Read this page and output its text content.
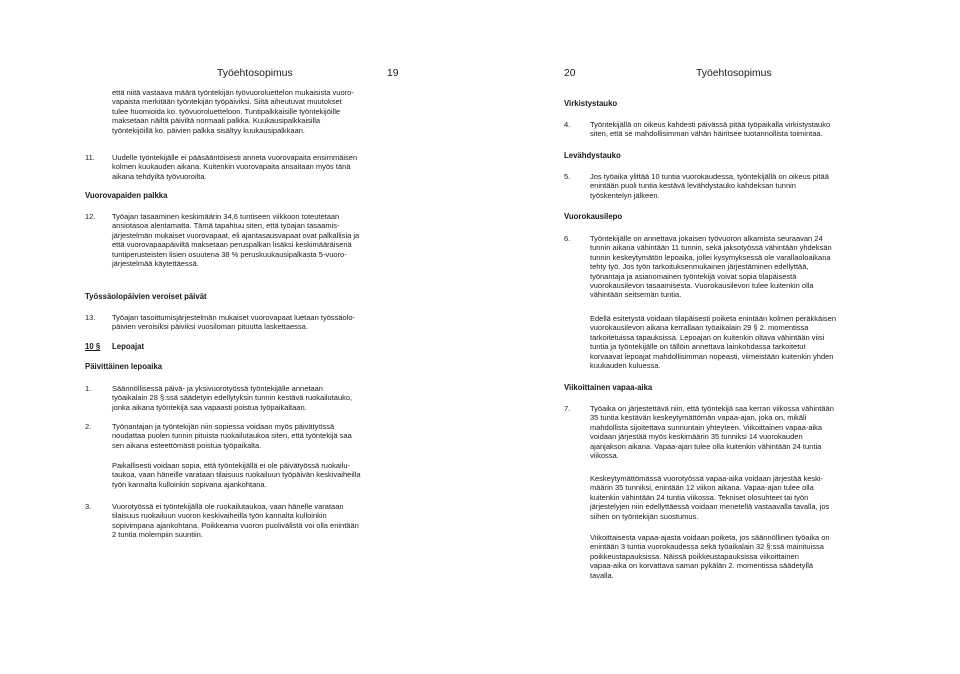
Työehtosopimus	19
että niitä vastaava määrä työntekijän työvuoroluettelon mukaisista vuoro-
vapaista merkitään työntekijän työpäiviksi. Siitä aiheutuvat muutokset
tulee huomioida ko. työvuoroluetteloon. Tuntipalkkaisille työntekijöille
maksetaan näiltä päiviltä normaali palkka. Kuukausipalkkaisilla
työntekijöillä ko. päivien palkka sisältyy kuukausipalkkaan.
11. Uudelle työntekijälle ei pääsääntöisesti anneta vuorovapaita ensimmäisen
kolmen kuukauden aikana. Kuitenkin vuorovapaita ansaitaan myös tänä
aikana tehdyiltä työvuoroilta.
Vuorovapaiden palkka
12. Työajan tasaaminen keskimäärin 34,6 tuntiseen viikkoon toteutetaan
ansiotasoa alentamatta. Tämä tapahtuu siten, että työajan tasaamis-
järjestelmän mukaiset vuorovapaat, eli ajantasausvapaat ovat palkallisia ja
että vuorovapaapäiviltä maksetaan peruspalkan lisäksi keskimääräisenä
tuntiperusteisten lisien osuutena 38 % peruskuukausipalkasta 5-vuoro-
järjestelmää käytettäessä.
Työssäolopäivien veroiset päivät
13. Työajan tasoittumisjärjestelmän mukaiset vuorovapaat luetaan työssäolo-
päivien veroisiksi päiviksi vuosiloman pituutta laskettaessa.
10 § Lepoajat
Päivittäinen lepoaika
1.	Säännöllisessä päivä- ja yksivuorotyössä työntekijälle annetaan
työaikalain 28 §:ssä säädetyin edellytyksin tunnin kestävä ruokailutauko,
jonka aikana työntekijä saa vapaasti poistua työpaikaltaan.
2.	Työnantajan ja työntekijän niin sopiessa voidaan myös päivätyössä
noudattaa puolen tunnin pituista ruokailutaukoa siten, että työntekijä saa
sen aikana esteettömästi poistua työpaikalta.
Paikallisesti voidaan sopia, että työntekijällä ei ole päivätyössä ruokailu-
taukoa, vaan häneille varataan tilaisuus ruokailuun työpäivän keskivaiheilla
työn kannalta kulloinkin sopivana ajankohtana.
3.	Vuorotyössä ei työntekijällä ole ruokailutaukoa, vaan hänelle varataan
tilaisuus ruokailuun vuoron keskivaiheilla työn kannalta kulloinkin
sopivimpana ajankohtana. Poikkeama vuoron puolivälistä voi olla enintään
2 tuntia molempiin suuntiin.
20	Työehtosopimus
Virkistystauko
4.	Työntekijällä on oikeus kahdesti päivässä pitää työpaikalla virkistystauko
siten, että se mahdollisimman vähän häiritsee tuotannollista toimintaa.
Levähdystauko
5.	Jos työaika ylittää 10 tuntia vuorokaudessa, työntekijällä on oikeus pitää
enintään puoli tuntia kestävä levähdystauko kahdeksan tunnin
työskentelyn jälkeen.
Vuorokausilepo
6.	Työntekijälle on annettava jokaisen työvuoron alkamista seuraavan 24
tunnin aikana vähintään 11 tunnin, sekä jaksotyössä vähintään yhdeksän
tunnin keskeytymätön lepoaika, jollei kysymyksessä ole varallaoloaikana
tehty työ. Jos työn tarkoituksenmukainen järjestäminen edellyttää,
työnantaja ja asianomainen työntekijä voivat sopia tilapäisestä
vuorokausilevon tasaamisesta. Vuorokausilevon tulee kuitenkin olla
vähintään seitsemän tuntia.
Edellä esitetystä voidaan tilapäisesti poiketa enintään kolmen peräkkäisen
vuorokausilevon aikana kerrallaan työaikalain 29 § 2. momentissa
tarkoitetuissa tapauksissa. Lepoajan on kuitenkin oltava vähintään viisi
tuntia ja työntekijälle on tällöin annettava lainkohdassa tarkoitetut
korvaavat lepoajat mahdollisimman nopeasti, viimeistään kuitenkin yhden
kuukauden kuluessa.
Viikoittainen vapaa-aika
7.	Työaika on järjestettävä niin, että työntekijä saa kerran viikossa vähintään
35 tuntia kestävän keskeytymättömän vapaa-ajan, joka on, mikäli
mahdollista sijoitettava sunnuntain yhteyteen. Viikoittainen vapaa-aika
voidaan järjestää myös keskimäärin 35 tunniksi 14 vuorokauden
ajanjakson aikana. Vapaa-ajan tulee olla kuitenkin vähintään 24 tuntia
viikossa.
Keskeytymättömässä vuorotyössä vapaa-aika voidaan järjestää keski-
määrin 35 tunniksi, enintään 12 viikon aikana. Vapaa-ajan tulee olla
kuitenkin vähintään 24 tuntia viikossa. Tekniset olosuhteet tai työn
järjestelyjen niin edellyttäessä voidaan menetellä vastaavalla tavalla, jos
siihen on työntekijän suostumus.
Viikoittaisesta vapaa-ajasta voidaan poiketa, jos säännöllinen työaika on
enintään 3 tuntia vuorokaudessa sekä työaikalain 32 §:ssä mainituissa
poikkeustapauksissa. Näissä poikkeustapauksissa viikoittainen
vapaa-aika on korvattava saman pykälän 2. momentissa säädetyllä
tavalla.
